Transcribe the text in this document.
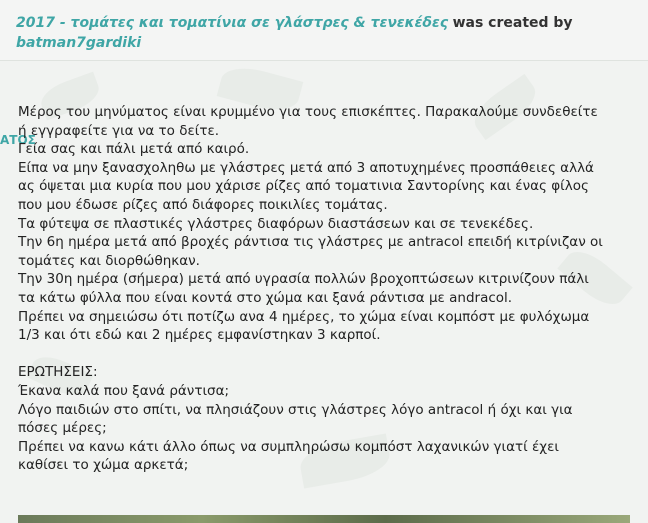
2017 - τομάτες και τοματίνια σε γλάστρες & τενεκέδες was created by
batman7gardiki
ΑΤΟΣ

Μέρος του μηνύματος είναι κρυμμένο για τους επισκέπτες. Παρακαλούμε συνδεθείτε

ή εγγραφείτε για να το δείτε.

Γεία σας και πάλι μετά από καιρό.

Είπα να μην ξανασχοληθω με γλάστρες μετά από 3 αποτυχημένες προσπάθειες αλλά

ας όψεται μια κυρία που μου χάρισε ρίζες από τοματινια Σαντορίνης και ένας φίλος

που μου έδωσε ρίζες από διάφορες ποικιλίες τομάτας.

Τα φύτεψα σε πλαστικές γλάστρες διαφόρων διαστάσεων και σε τενεκέδες.

Την 6η ημέρα μετά από βροχές ράντισα τις γλάστρες με antracol επειδή κιτρίνιζαν οι

τομάτες και διορθώθηκαν.

Την 30η ημέρα (σήμερα) μετά από υγρασία πολλών βροχοπτώσεων κιτρινίζουν πάλι

τα κάτω φύλλα που είναι κοντά στο χώμα και ξανά ράντισα με andracol.

Πρέπει να σημειώσω ότι ποτίζω ανα 4 ημέρες, το χώμα είναι κομπόστ με φυλόχωμα

1/3 και ότι εδώ και 2 ημέρες εμφανίστηκαν 3 καρποί.

ΕΡΩΤΗΣΕΙΣ:

Έκανα καλά που ξανά ράντισα;

Λόγο παιδιών στο σπίτι, να πλησιάζουν στις γλάστρες λόγο antracol ή όχι και για

πόσες μέρες;

Πρέπει να κανω κάτι άλλο όπως να συμπληρώσω κομπόστ λαχανικών γιατί έχει

καθίσει το χώμα αρκετά;
